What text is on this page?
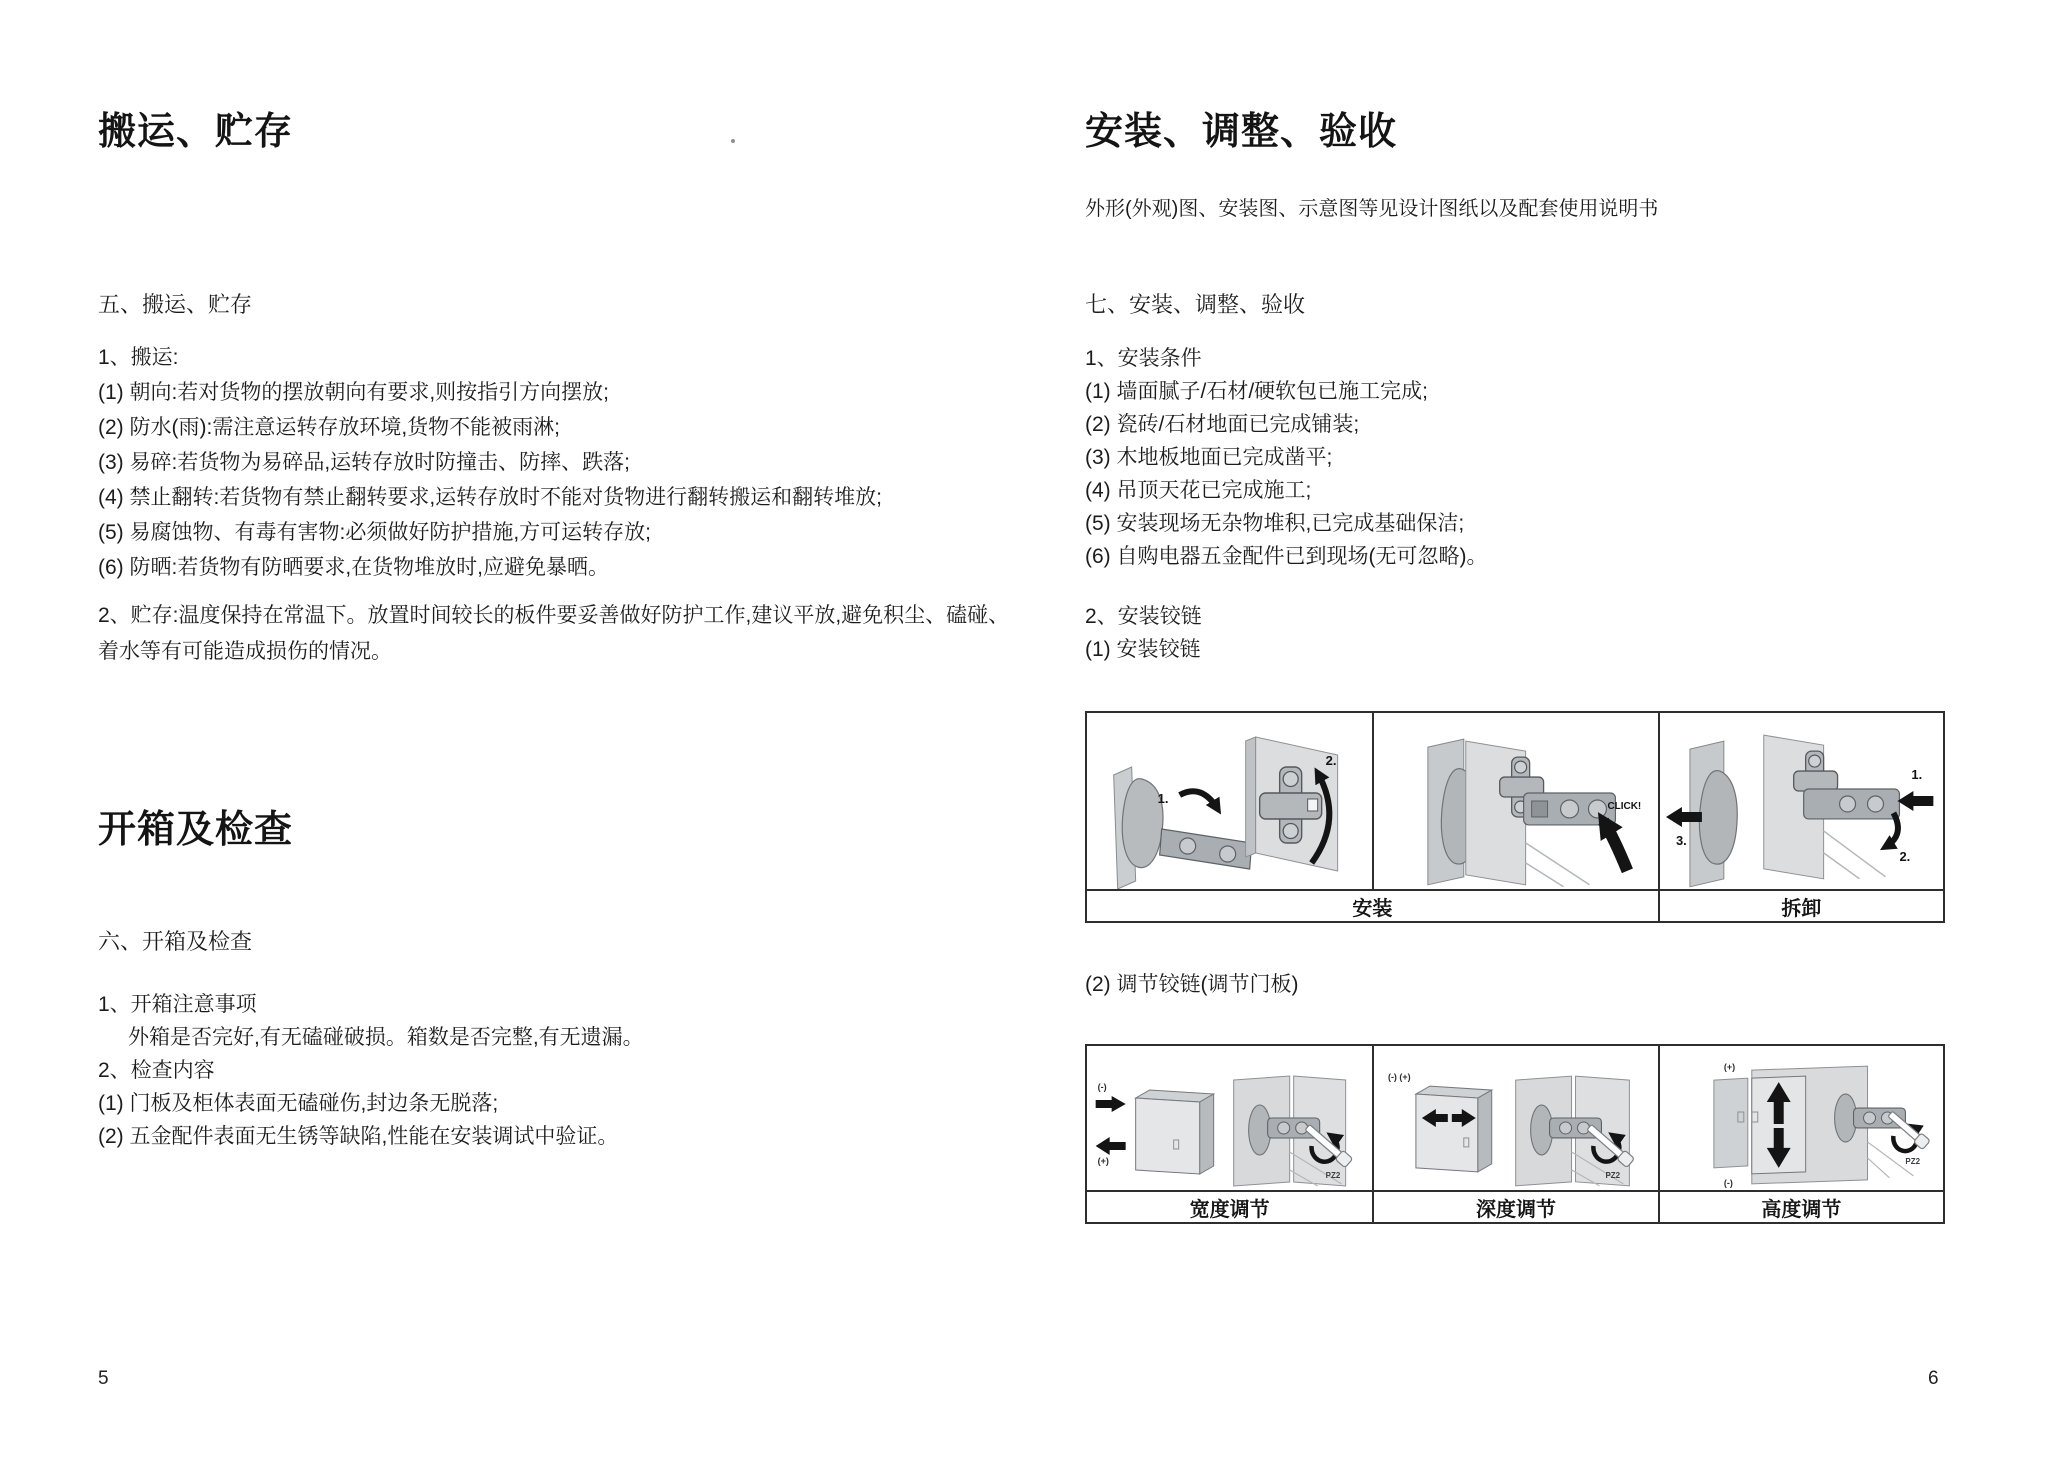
搬运、贮存
五、搬运、贮存
1、搬运:
(1) 朝向:若对货物的摆放朝向有要求,则按指引方向摆放;
(2) 防水(雨):需注意运转存放环境,货物不能被雨淋;
(3) 易碎:若货物为易碎品,运转存放时防撞击、防摔、跌落;
(4) 禁止翻转:若货物有禁止翻转要求,运转存放时不能对货物进行翻转搬运和翻转堆放;
(5) 易腐蚀物、有毒有害物:必须做好防护措施,方可运转存放;
(6) 防晒:若货物有防晒要求,在货物堆放时,应避免暴晒。
2、贮存:温度保持在常温下。放置时间较长的板件要妥善做好防护工作,建议平放,避免积尘、磕碰、着水等有可能造成损伤的情况。
开箱及检查
六、开箱及检查
1、开箱注意事项
外箱是否完好,有无磕碰破损。箱数是否完整,有无遗漏。
2、检查内容
(1) 门板及柜体表面无磕碰伤,封边条无脱落;
(2) 五金配件表面无生锈等缺陷,性能在安装调试中验证。
5
安装、调整、验收
外形(外观)图、安装图、示意图等见设计图纸以及配套使用说明书
七、安装、调整、验收
1、安装条件
(1) 墙面腻子/石材/硬软包已施工完成;
(2) 瓷砖/石材地面已完成铺装;
(3) 木地板地面已完成凿平;
(4) 吊顶天花已完成施工;
(5) 安装现场无杂物堆积,已完成基础保洁;
(6) 自购电器五金配件已到现场(无可忽略)。
2、安装铰链
(1) 安装铰链
1.
2.
CLICK!
1.
2.
3.
安装	拆卸
(2) 调节铰链(调节门板)
(-)
(+)
PZ2
(-) (+)
PZ2
(+)
(-)
PZ2
宽度调节	深度调节	高度调节
6
